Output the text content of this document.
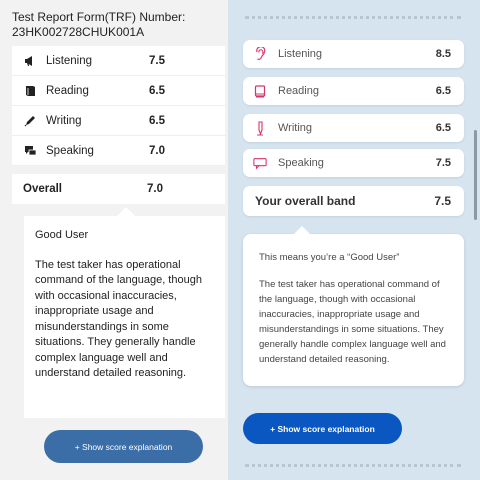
Test Report Form(TRF) Number:
23HK002728CHUK001A
Listening	7.5
Reading	6.5
Writing	6.5
Speaking	7.0
Overall	7.0
Good User
The test taker has operational command of the language, though with occasional inaccuracies, inappropriate usage and misunderstandings in some situations. They generally handle complex language well and understand detailed reasoning.
+ Show score explanation
Listening	8.5
Reading	6.5
Writing	6.5
Speaking	7.5
Your overall band	7.5
This means you’re a “Good User”
The test taker has operational command of the language, though with occasional inaccuracies, inappropriate usage and misunderstandings in some situations. They generally handle complex language well and understand detailed reasoning.
+ Show score explanation
